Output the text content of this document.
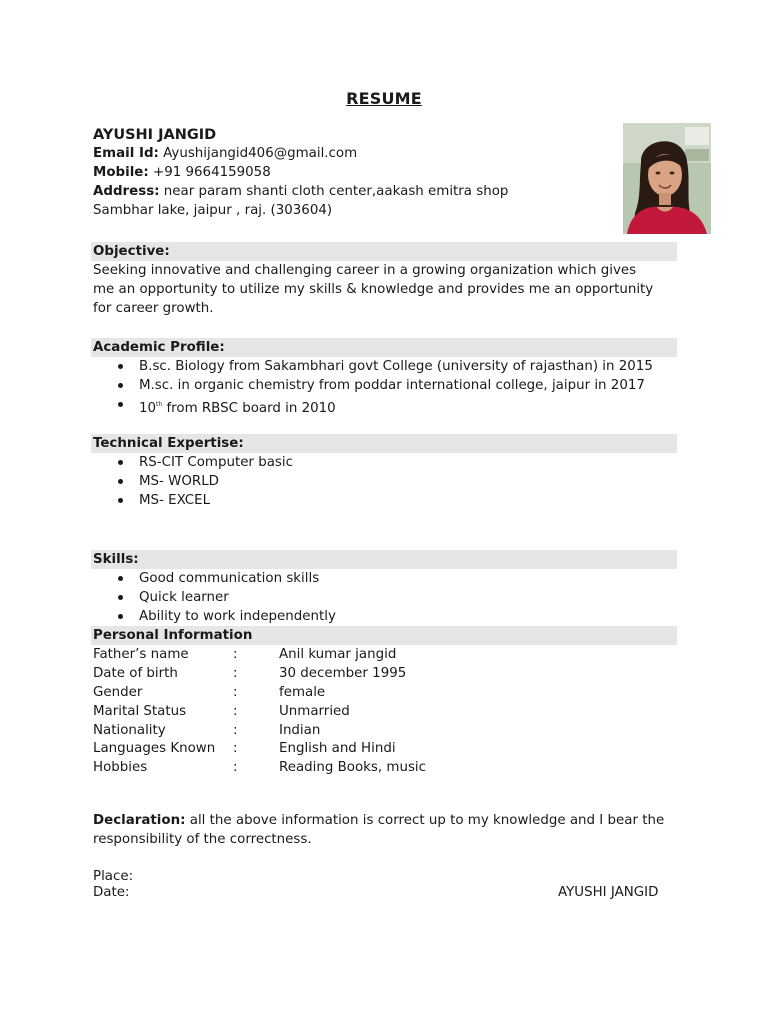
RESUME
AYUSHI JANGID
Email Id: Ayushijangid406@gmail.com
Mobile: +91 9664159058
Address: near param shanti cloth center,aakash emitra shop
Sambhar lake, jaipur , raj. (303604)
Objective:
Seeking innovative and challenging career in a growing organization which gives
me an opportunity to utilize my skills & knowledge and provides me an opportunity
for career growth.
Academic Profile:
B.sc. Biology from Sakambhari govt College (university of rajasthan) in 2015
M.sc. in organic chemistry from poddar international college, jaipur in 2017
10th from RBSC board in 2010
Technical Expertise:
RS-CIT Computer basic
MS- WORLD
MS- EXCEL
Skills:
Good communication skills
Quick learner
Ability to work independently
Personal Information
Father’s name	:	Anil kumar jangid
Date of birth	:	30 december 1995
Gender	:	female
Marital Status	:	Unmarried
Nationality	:	Indian
Languages Known :	English and Hindi
Hobbies	:	Reading Books, music
Declaration: all the above information is correct up to my knowledge and I bear the
responsibility of the correctness.
Place:
Date:	AYUSHI JANGID
